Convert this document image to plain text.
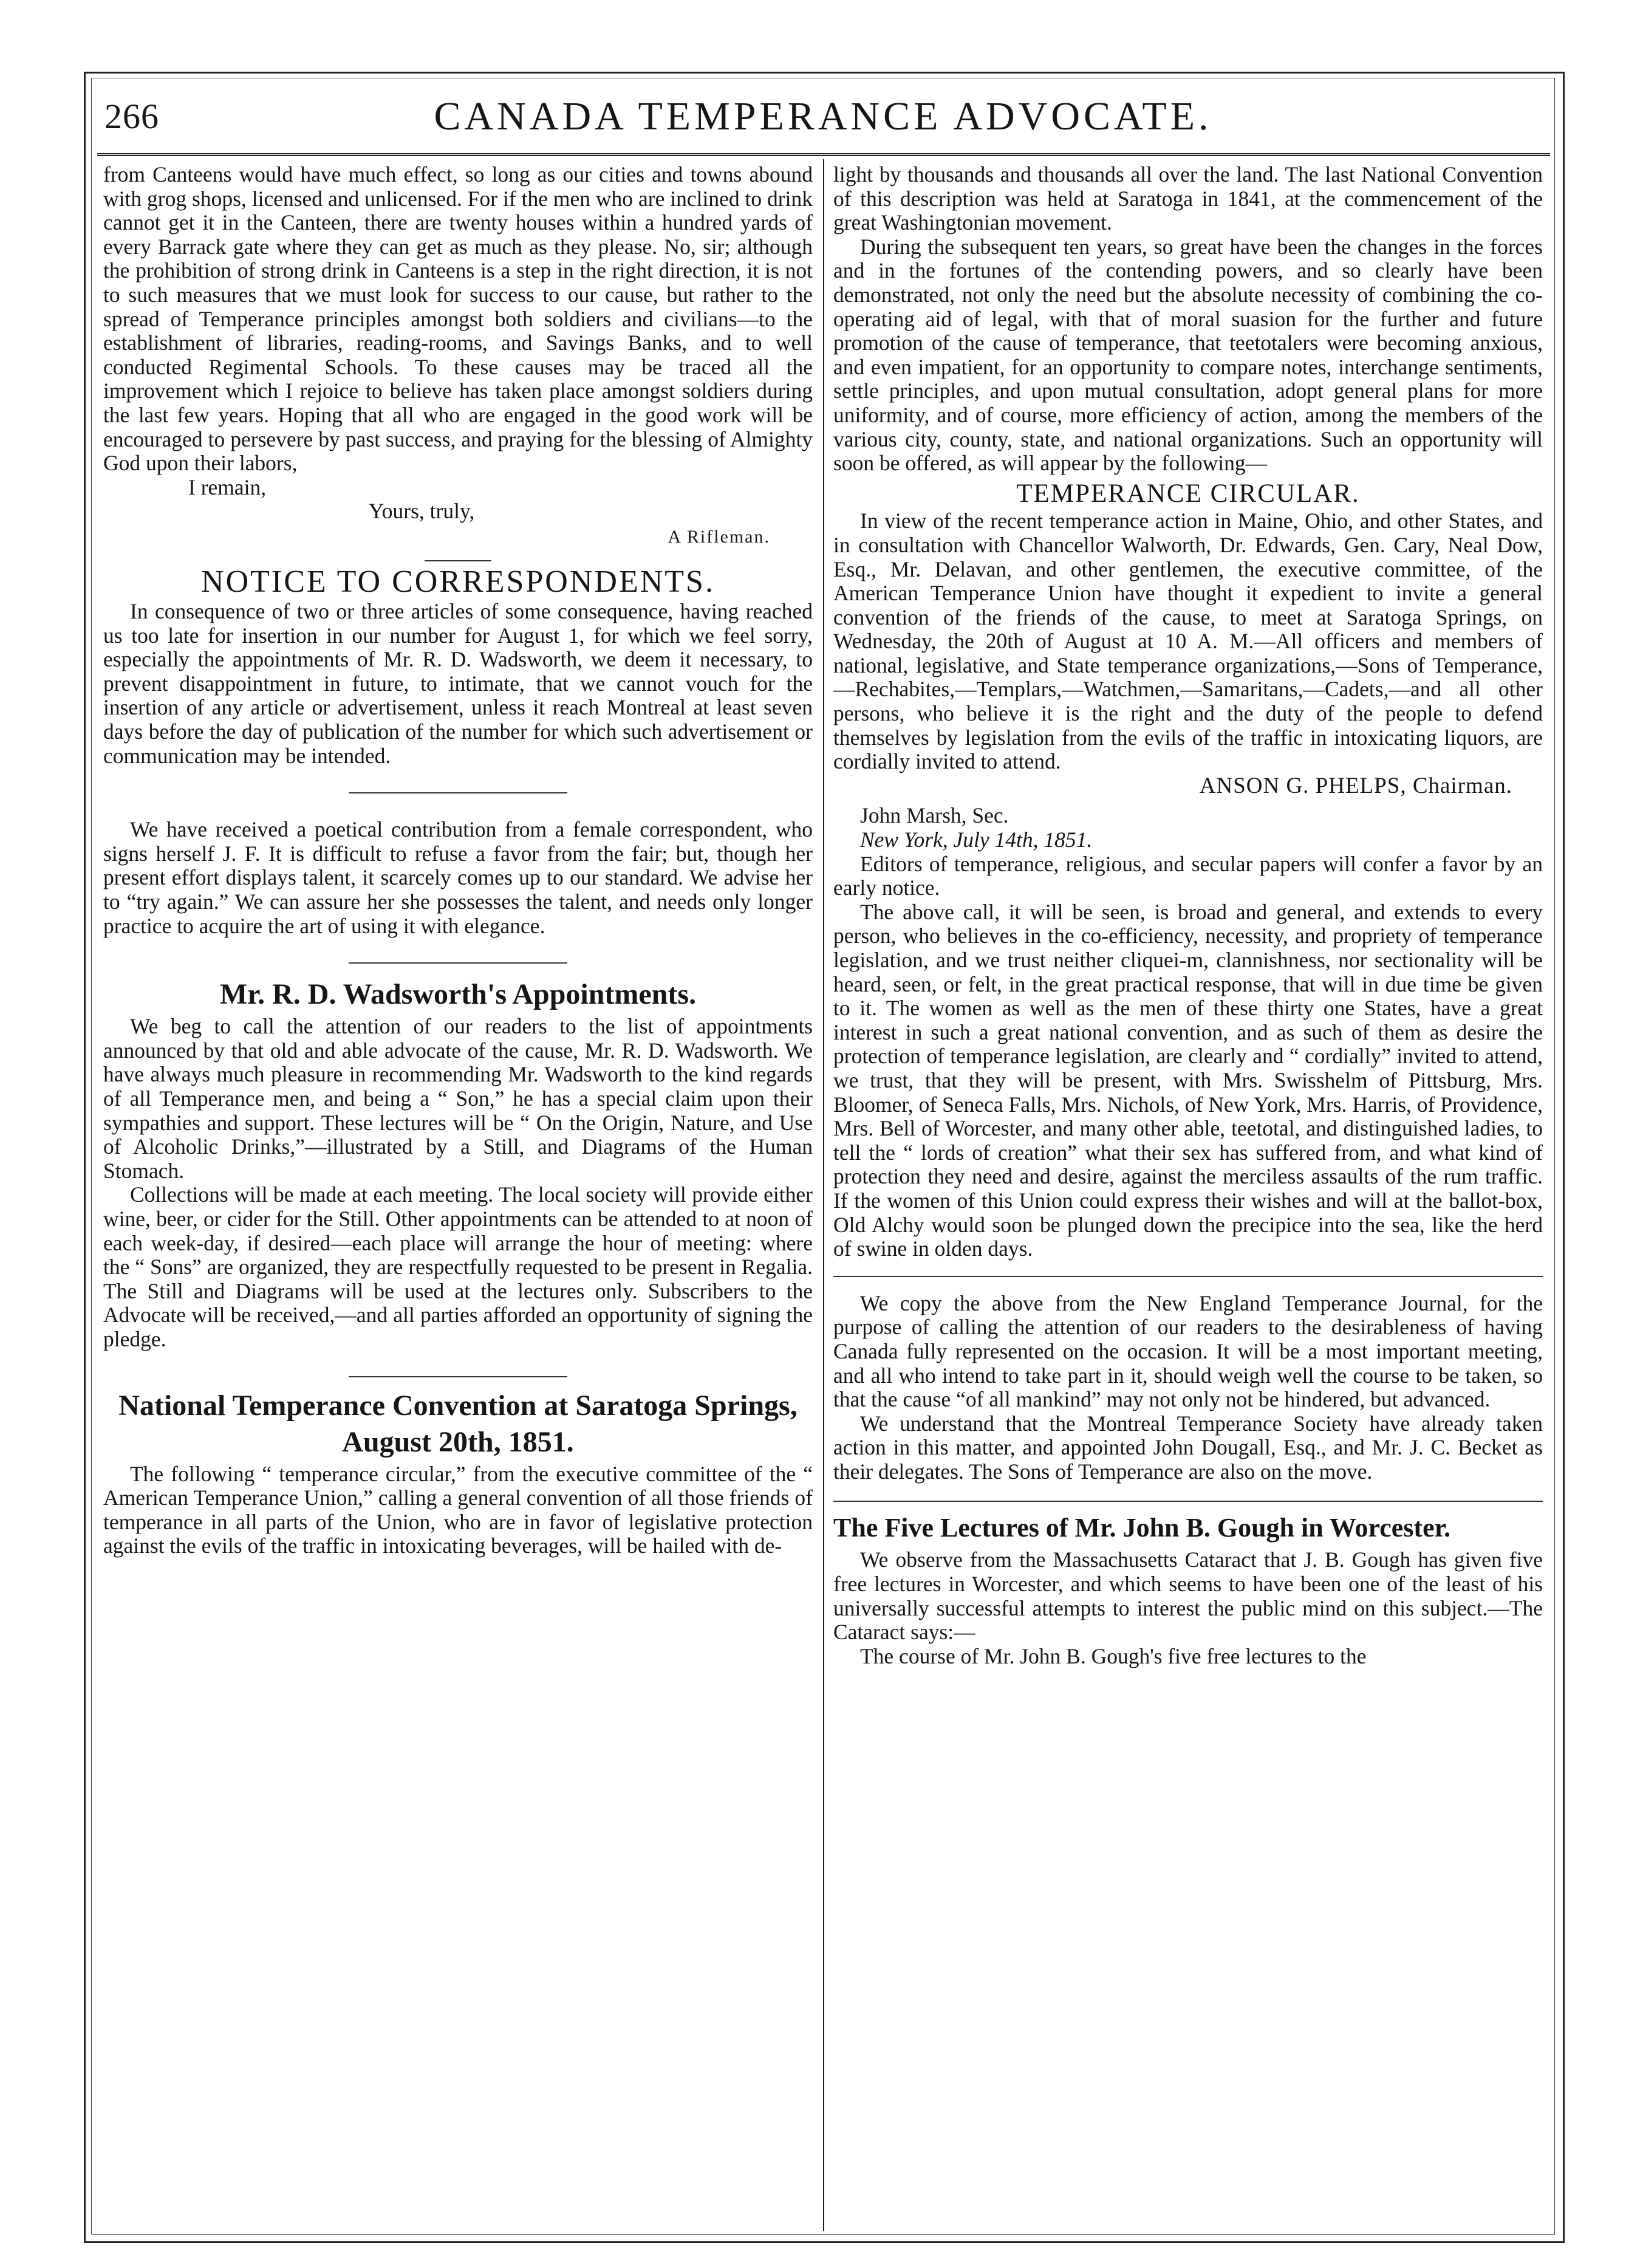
266	CANADA TEMPERANCE ADVOCATE.

from Canteens would have much effect, so long as our cities and towns abound with grog shops, licensed and unlicensed. For if the men who are inclined to drink cannot get it in the Canteen, there are twenty houses within a hundred yards of every Barrack gate where they can get as much as they please. No, sir; although the prohibition of strong drink in Canteens is a step in the right direction, it is not to such measures that we must look for success to our cause, but rather to the spread of Temperance principles amongst both soldiers and civilians—to the establishment of libraries, reading-rooms, and Savings Banks, and to well conducted Regimental Schools. To these causes may be traced all the improvement which I rejoice to believe has taken place amongst soldiers during the last few years. Hoping that all who are engaged in the good work will be encouraged to persevere by past success, and praying for the blessing of Almighty God upon their labors,

I remain,

Yours, truly,

A Rifleman.

NOTICE TO CORRESPONDENTS.

In consequence of two or three articles of some consequence, having reached us too late for insertion in our number for August 1, for which we feel sorry, especially the appointments of Mr. R. D. Wadsworth, we deem it necessary, to prevent disappointment in future, to intimate, that we cannot vouch for the insertion of any article or advertisement, unless it reach Montreal at least seven days before the day of publication of the number for which such advertisement or communication may be intended.

We have received a poetical contribution from a female correspondent, who signs herself J. F. It is difficult to refuse a favor from the fair; but, though her present effort displays talent, it scarcely comes up to our standard. We advise her to “try again.” We can assure her she possesses the talent, and needs only longer practice to acquire the art of using it with elegance.

Mr. R. D. Wadsworth's Appointments.

We beg to call the attention of our readers to the list of appointments announced by that old and able advocate of the cause, Mr. R. D. Wadsworth. We have always much pleasure in recommending Mr. Wadsworth to the kind regards of all Temperance men, and being a “ Son,” he has a special claim upon their sympathies and support. These lectures will be “ On the Origin, Nature, and Use of Alcoholic Drinks,”—illustrated by a Still, and Diagrams of the Human Stomach.

Collections will be made at each meeting. The local society will provide either wine, beer, or cider for the Still. Other appointments can be attended to at noon of each week-day, if desired—each place will arrange the hour of meeting: where the “ Sons” are organized, they are respectfully requested to be present in Regalia. The Still and Diagrams will be used at the lectures only. Subscribers to the Advocate will be received,—and all parties afforded an opportunity of signing the pledge.

National Temperance Convention at Saratoga Springs,
August 20th, 1851.

The following “ temperance circular,” from the executive committee of the “ American Temperance Union,” calling a general convention of all those friends of temperance in all parts of the Union, who are in favor of legislative protection against the evils of the traffic in intoxicating beverages, will be hailed with de-

light by thousands and thousands all over the land. The last National Convention of this description was held at Saratoga in 1841, at the commencement of the great Washingtonian movement.

During the subsequent ten years, so great have been the changes in the forces and in the fortunes of the contending powers, and so clearly have been demonstrated, not only the need but the absolute necessity of combining the co-operating aid of legal, with that of moral suasion for the further and future promotion of the cause of temperance, that teetotalers were becoming anxious, and even impatient, for an opportunity to compare notes, interchange sentiments, settle principles, and upon mutual consultation, adopt general plans for more uniformity, and of course, more efficiency of action, among the members of the various city, county, state, and national organizations. Such an opportunity will soon be offered, as will appear by the following—

TEMPERANCE CIRCULAR.

In view of the recent temperance action in Maine, Ohio, and other States, and in consultation with Chancellor Walworth, Dr. Edwards, Gen. Cary, Neal Dow, Esq., Mr. Delavan, and other gentlemen, the executive committee, of the American Temperance Union have thought it expedient to invite a general convention of the friends of the cause, to meet at Saratoga Springs, on Wednesday, the 20th of August at 10 A. M.—All officers and members of national, legislative, and State temperance organizations,—Sons of Temperance,—Rechabites,—Templars,—Watchmen,—Samaritans,—Cadets,—and all other persons, who believe it is the right and the duty of the people to defend themselves by legislation from the evils of the traffic in intoxicating liquors, are cordially invited to attend.

ANSON G. PHELPS, Chairman.

John Marsh, Sec.

New York, July 14th, 1851.

Editors of temperance, religious, and secular papers will confer a favor by an early notice.

The above call, it will be seen, is broad and general, and extends to every person, who believes in the co-efficiency, necessity, and propriety of temperance legislation, and we trust neither cliquei-m, clannishness, nor sectionality will be heard, seen, or felt, in the great practical response, that will in due time be given to it. The women as well as the men of these thirty one States, have a great interest in such a great national convention, and as such of them as desire the protection of temperance legislation, are clearly and “ cordially” invited to attend, we trust, that they will be present, with Mrs. Swisshelm of Pittsburg, Mrs. Bloomer, of Seneca Falls, Mrs. Nichols, of New York, Mrs. Harris, of Providence, Mrs. Bell of Worcester, and many other able, teetotal, and distinguished ladies, to tell the “ lords of creation” what their sex has suffered from, and what kind of protection they need and desire, against the merciless assaults of the rum traffic. If the women of this Union could express their wishes and will at the ballot-box, Old Alchy would soon be plunged down the precipice into the sea, like the herd of swine in olden days.

We copy the above from the New England Temperance Journal, for the purpose of calling the attention of our readers to the desirableness of having Canada fully represented on the occasion. It will be a most important meeting, and all who intend to take part in it, should weigh well the course to be taken, so that the cause “of all mankind” may not only not be hindered, but advanced.

We understand that the Montreal Temperance Society have already taken action in this matter, and appointed John Dougall, Esq., and Mr. J. C. Becket as their delegates. The Sons of Temperance are also on the move.

The Five Lectures of Mr. John B. Gough in Worcester.

We observe from the Massachusetts Cataract that J. B. Gough has given five free lectures in Worcester, and which seems to have been one of the least of his universally successful attempts to interest the public mind on this subject.—The Cataract says:—

The course of Mr. John B. Gough's five free lectures to the
